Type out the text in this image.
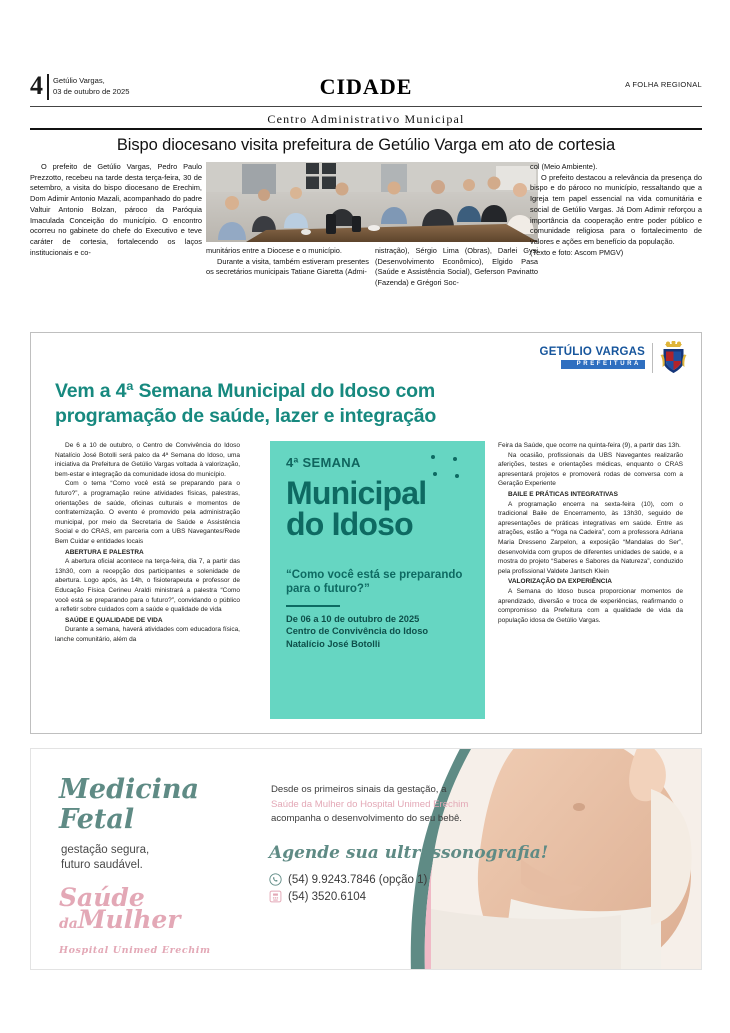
4 Getúlio Vargas,
03 de outubro de 2025	CIDADE	A FOLHA REGIONAL
Centro Administrativo Municipal
Bispo diocesano visita prefeitura de Getúlio Varga em ato de cortesia

O prefeito de Getúlio Vargas, Pedro Paulo Prezzotto, recebeu na tarde desta terça-feira, 30 de setembro, a visita do bispo diocesano de Erechim, Dom Adimir Antonio Mazali, acompanhado do padre Valtuir Antonio Bolzan, pároco da Paróquia Imaculada Conceição do município. O encontro ocorreu no gabinete do chefe do Executivo e teve caráter de cortesia, fortalecendo os laços institucionais e co-	munitários entre a Diocese e o município.

Durante a visita, também estiveram presentes os secretários municipais Tatiane Giaretta (Admi-

nistração), Sérgio Lima (Obras), Darlei Gysi (Desenvolvimento Econômico), Elgido Pasa (Saúde e Assistência Social), Geferson Pavinatto (Fazenda) e Grégori Soc-

col (Meio Ambiente).

O prefeito destacou a relevância da presença do bispo e do pároco no município, ressaltando que a Igreja tem papel essencial na vida comunitária e social de Getúlio Vargas. Já Dom Adimir reforçou a importância da cooperação entre poder público e comunidade religiosa para o fortalecimento de valores e ações em benefício da população.

(Texto e foto: Ascom PMGV)

GETÚLIO VARGAS
PREFEITURA
Vem a 4ª Semana Municipal do Idoso com programação de saúde, lazer e integração

De 6 a 10 de outubro, o Centro de Convivência do Idoso Natalício José Botolli será palco da 4ª Semana do Idoso, uma iniciativa da Prefeitura de Getúlio Vargas voltada à valorização, bem-estar e integração da comunidade idosa do município.

Com o tema “Como você está se preparando para o futuro?”, a programação reúne atividades físicas, palestras, orientações de saúde, oficinas culturais e momentos de confraternização. O evento é promovido pela administração municipal, por meio da Secretaria de Saúde e Assistência Social e do CRAS, em parceria com a UBS Navegantes/Rede Bem Cuidar e entidades locais

ABERTURA E PALESTRA

A abertura oficial acontece na terça-feira, dia 7, a partir das 13h30, com a recepção dos participantes e solenidade de abertura. Logo após, às 14h, o fisioterapeuta e professor de Educação Física Cerineu Araldi ministrará a palestra “Como você está se preparando para o futuro?”, convidando o público a refletir sobre cuidados com a saúde e qualidade de vida

SAÚDE E QUALIDADE DE VIDA

Durante a semana, haverá atividades com educadora física, lanche comunitário, além da

4ª SEMANA
Municipal
do Idoso
“Como você está se preparando para o futuro?”
De 06 a 10 de outubro de 2025
Centro de Convivência do Idoso
Natalício José Botolli

Feira da Saúde, que ocorre na quinta-feira (9), a partir das 13h.

Na ocasião, profissionais da UBS Navegantes realizarão aferições, testes e orientações médicas, enquanto o CRAS apresentará projetos e promoverá rodas de conversa com a Geração Experiente

BAILE E PRÁTICAS INTEGRATIVAS

A programação encerra na sexta-feira (10), com o tradicional Baile de Encerramento, às 13h30, seguido de apresentações de práticas integrativas em saúde. Entre as atrações, estão a “Yoga na Cadeira”, com a professora Adriana Maria Dresseno Zarpelon, a exposição “Mandalas do Ser”, desenvolvida com grupos de diferentes unidades de saúde, e a mostra do projeto “Saberes e Sabores da Natureza”, conduzido pela profissional Valdete Jantsch Klein

VALORIZAÇÃO DA EXPERIÊNCIA

A Semana do Idoso busca proporcionar momentos de aprendizado, diversão e troca de experiências, reafirmando o compromisso da Prefeitura com a qualidade de vida da população idosa de Getúlio Vargas.

Medicina
Fetal
gestação segura,
futuro saudável.
Saúde
daMulher
Hospital Unimed Erechim
Desde os primeiros sinais da gestação, a
Saúde da Mulher do Hospital Unimed Erechim
acompanha o desenvolvimento do seu bebê.
Agende sua ultrassonografia!
(54) 9.9243.7846 (opção 1)
(54) 3520.6104
